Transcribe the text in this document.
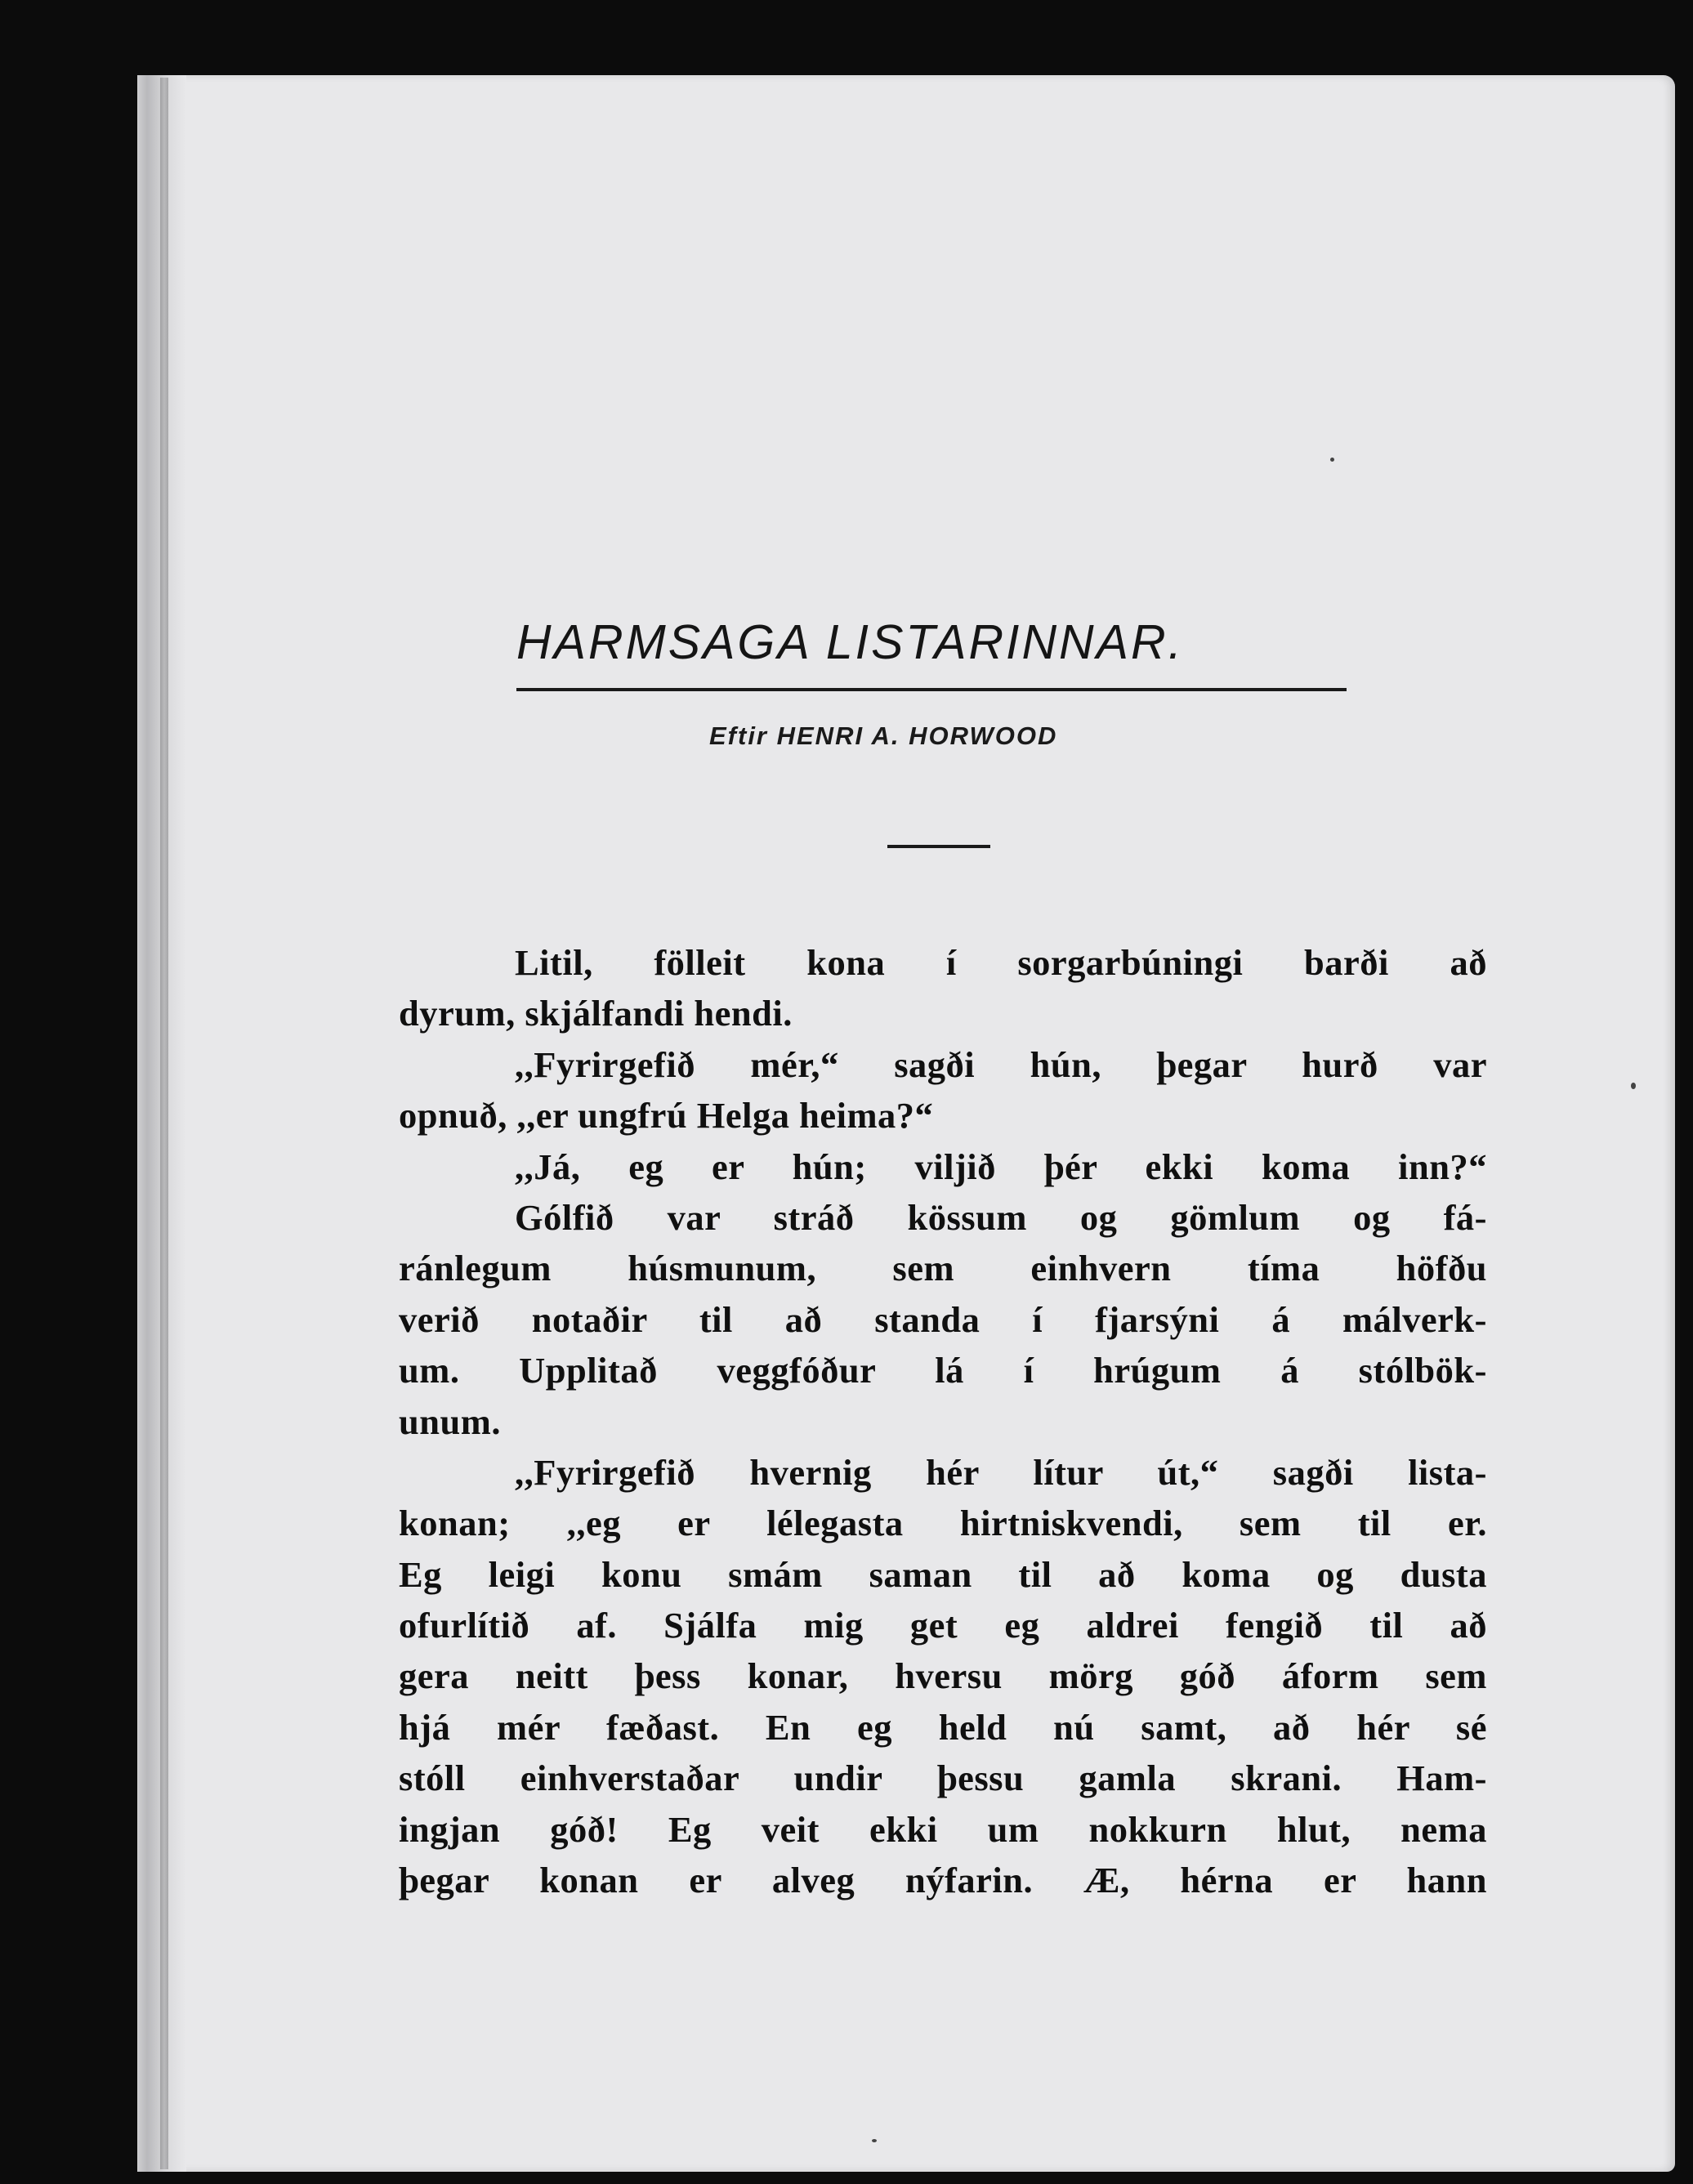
HARMSAGA LISTARINNAR.
Eftir HENRI A. HORWOOD
Litil, fölleit kona í sorgarbúningi barði að
dyrum, skjálfandi hendi.
,,Fyrirgefið mér,“ sagði hún, þegar hurð var
opnuð, ,,er ungfrú Helga heima?“
,,Já, eg er hún; viljið þér ekki koma inn?“
Gólfið var stráð kössum og gömlum og fá-
ránlegum húsmunum, sem einhvern tíma höfðu
verið notaðir til að standa í fjarsýni á málverk-
um. Upplitað veggfóður lá í hrúgum á stólbök-
unum.
,,Fyrirgefið hvernig hér lítur út,“ sagði lista-
konan; ,,eg er lélegasta hirtniskvendi, sem til er.
Eg leigi konu smám saman til að koma og dusta
ofurlítið af. Sjálfa mig get eg aldrei fengið til að
gera neitt þess konar, hversu mörg góð áform sem
hjá mér fæðast. En eg held nú samt, að hér sé
stóll einhverstaðar undir þessu gamla skrani. Ham-
ingjan góð! Eg veit ekki um nokkurn hlut, nema
þegar konan er alveg nýfarin. Æ, hérna er hann
